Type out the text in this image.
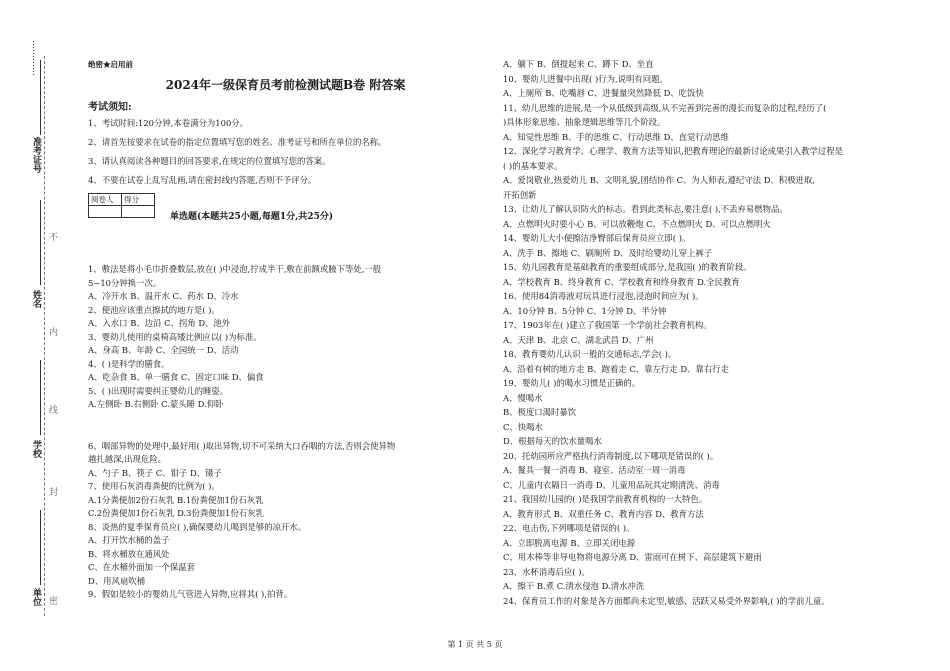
…………
准考证号
姓名
学校
单位
不
内
线
封
密
绝密★启用前
2024年一级保育员考前检测试题B卷 附答案
考试须知:
1、考试时间:120分钟,本卷满分为100分。
2、请首先按要求在试卷的指定位置填写您的姓名、准考证号和所在单位的名称。
3、请认真阅读各种题目的回答要求,在规定的位置填写您的答案。
4、不要在试卷上乱写乱画,请在密封线内答题,否则不予评分。
阅卷人	得分

单选题(本题共25小题,每题1分,共25分)
1、敷法是将小毛巾折叠数层,放在( )中浸泡,拧成半干,敷在前额或腋下等处,一般
5~10分钟换一次。
A、冷开水 B、温开水 C、药水 D、冷水
2、便池应该重点擦拭的地方是( )。
A、入水口 B、边沿 C、拐角 D、池外
3、婴幼儿使用的桌椅高矮比例应以( )为标准。
A、身高 B、年龄 C、全园统一 D、活动
4、( )是科学的膳食。
A、吃杂食 B、单一膳食 C、固定口味 D、偏食
5、( )出现时需要纠正婴幼儿的睡姿。
A.左侧卧 B.右侧卧 C.蒙头睡 D.仰卧
6、咽部异物的处理中,最好用( )取出异物,切不可采纳大口吞咽的方法,否则会使异物
越扎越深,出现危险。
A、勺子 B、筷子 C、钳子 D、镊子
7、使用石灰消毒粪便的比例为( )。
A.1分粪便加2份石灰乳 B.1份粪便加1份石灰乳
C.2份粪便加1份石灰乳 D.3份粪便加1份石灰乳
8、炎热的夏季保育员应( ),确保婴幼儿喝到是够的凉开水。
A、打开饮水桶的盖子
B、将水桶放在通风处
C、在水桶外面加一个保温套
D、用风扇吹桶
9、假如是较小的婴幼儿气管进入异物,应将其( ),拍背。
A、躺下 B、倒提起来 C、蹲下 D、坐直
10、婴幼儿进餐中出现( )行为,说明有问题。
A、上厕所 B、吃嘴唇 C、进餐量突然降低 D、吃饭快
11、幼儿思维的进展,是一个从低级到高级,从不完善到完善的漫长而复杂的过程,经历了(
)具体形象思维、抽象逻辑思维等几个阶段。
A、知觉性思维 B、手的思维 C、行动思维 D、直觉行动思维
12、深化学习教育学、心理学、教育方法等知识,把教育理论的最新讨论成果引入教学过程是
( )的基本要求。
A、爱岗敬业,热爱幼儿 B、文明礼貌,团结协作 C、为人师表,遵纪守法 D、积极进取,
开拓创新
13、让幼儿了解认识防火的标志。看到此类标志,要注意( ),不丢弃易燃物品。
A、点燃明火时要小心 B、可以放鞭炮 C、不点燃明火 D、可以点燃明火
14、婴幼儿大小便擦洁净臀部后保育员应立即( )。
A、洗手 B、擦地 C、刷厕所 D、及时给婴幼儿穿上裤子
15、幼儿园教育是基础教育的重要组成部分,是我国( )的教育阶段。
A、学校教育 B、终身教育 C、学校教育和终身教育 D.全民教育
16、使用84消毒液对玩具进行浸泡,浸泡时间应为( )。
A、10分钟 B、5分钟 C、1分钟 D、半分钟
17、1903年在( )建立了我国第一个学前社会教育机构。
A、天津 B、北京 C、湖北武昌 D、广州
18、教育婴幼儿认识一般的交通标志,学会( )。
A、沿着有树的地方走 B、跑着走 C、靠左行走 D、靠右行走
19、婴幼儿( )的喝水习惯是正确的。
A、慢喝水
B、极度口渴时暴饮
C、快喝水
D、根据每天的饮水量喝水
20、托幼园所应严格执行消毒制度,以下哪项是错误的( )。
A、餐具一餐一消毒 B、寝室、活动室一周一消毒
C、儿童内衣隔日一消毒 D、儿童用品玩具定期清洗、消毒
21、我国幼儿园的( )是我国学前教育机构的一大特色。
A、教育形式 B、双重任务 C、教育内容 D、教育方法
22、电击伤,下列哪项是错误的( )。
A、立即脱离电源 B、立即关闭电源
C、用木棒等非导电物将电源分离 D、雷雨可在树下、高层建筑下避雨
23、水杯消毒后应( )。
A、擦干 B.煮 C.清水侵泡 D.清水冲洗
24、保育员工作的对象是各方面都尚未定型,敏感、活跃又易受外界影响,( )的学前儿童。
第 1 页 共 5 页
